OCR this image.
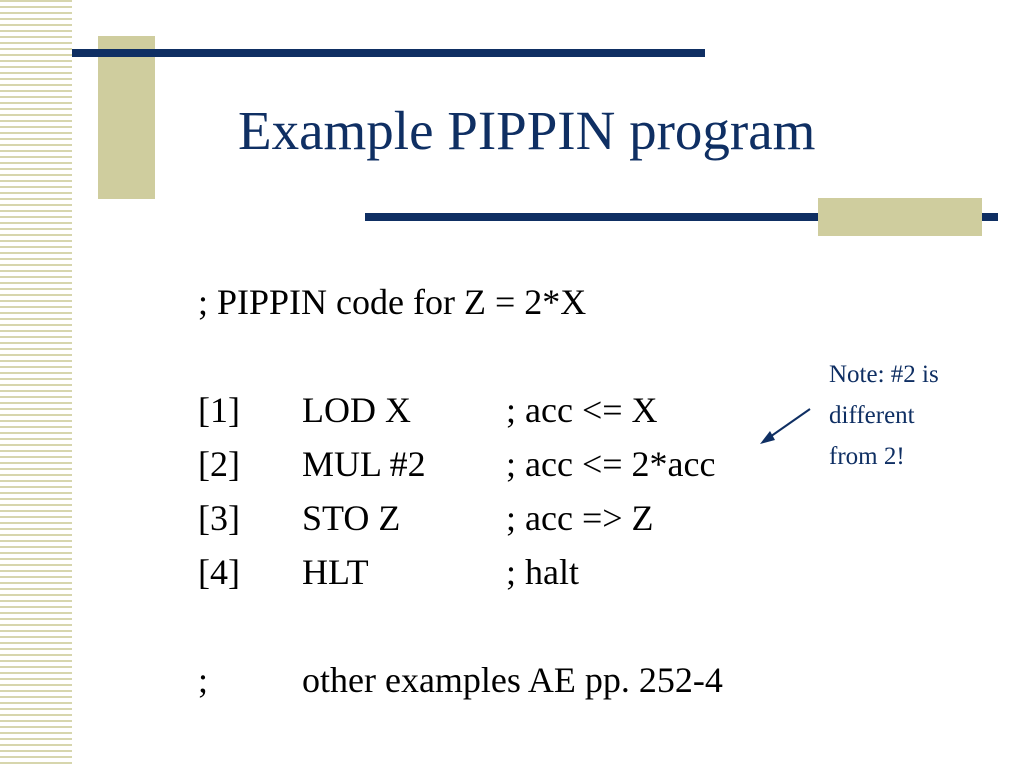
Example PIPPIN program
; PIPPIN code for Z = 2*X
[1] LOD X	; acc <= X
[2] MUL #2 ; acc <= 2*acc
[3] STO Z	; acc => Z
[4] HLT	; halt
;	other examples AE pp. 252-4
Note: #2 is
different
from 2!
